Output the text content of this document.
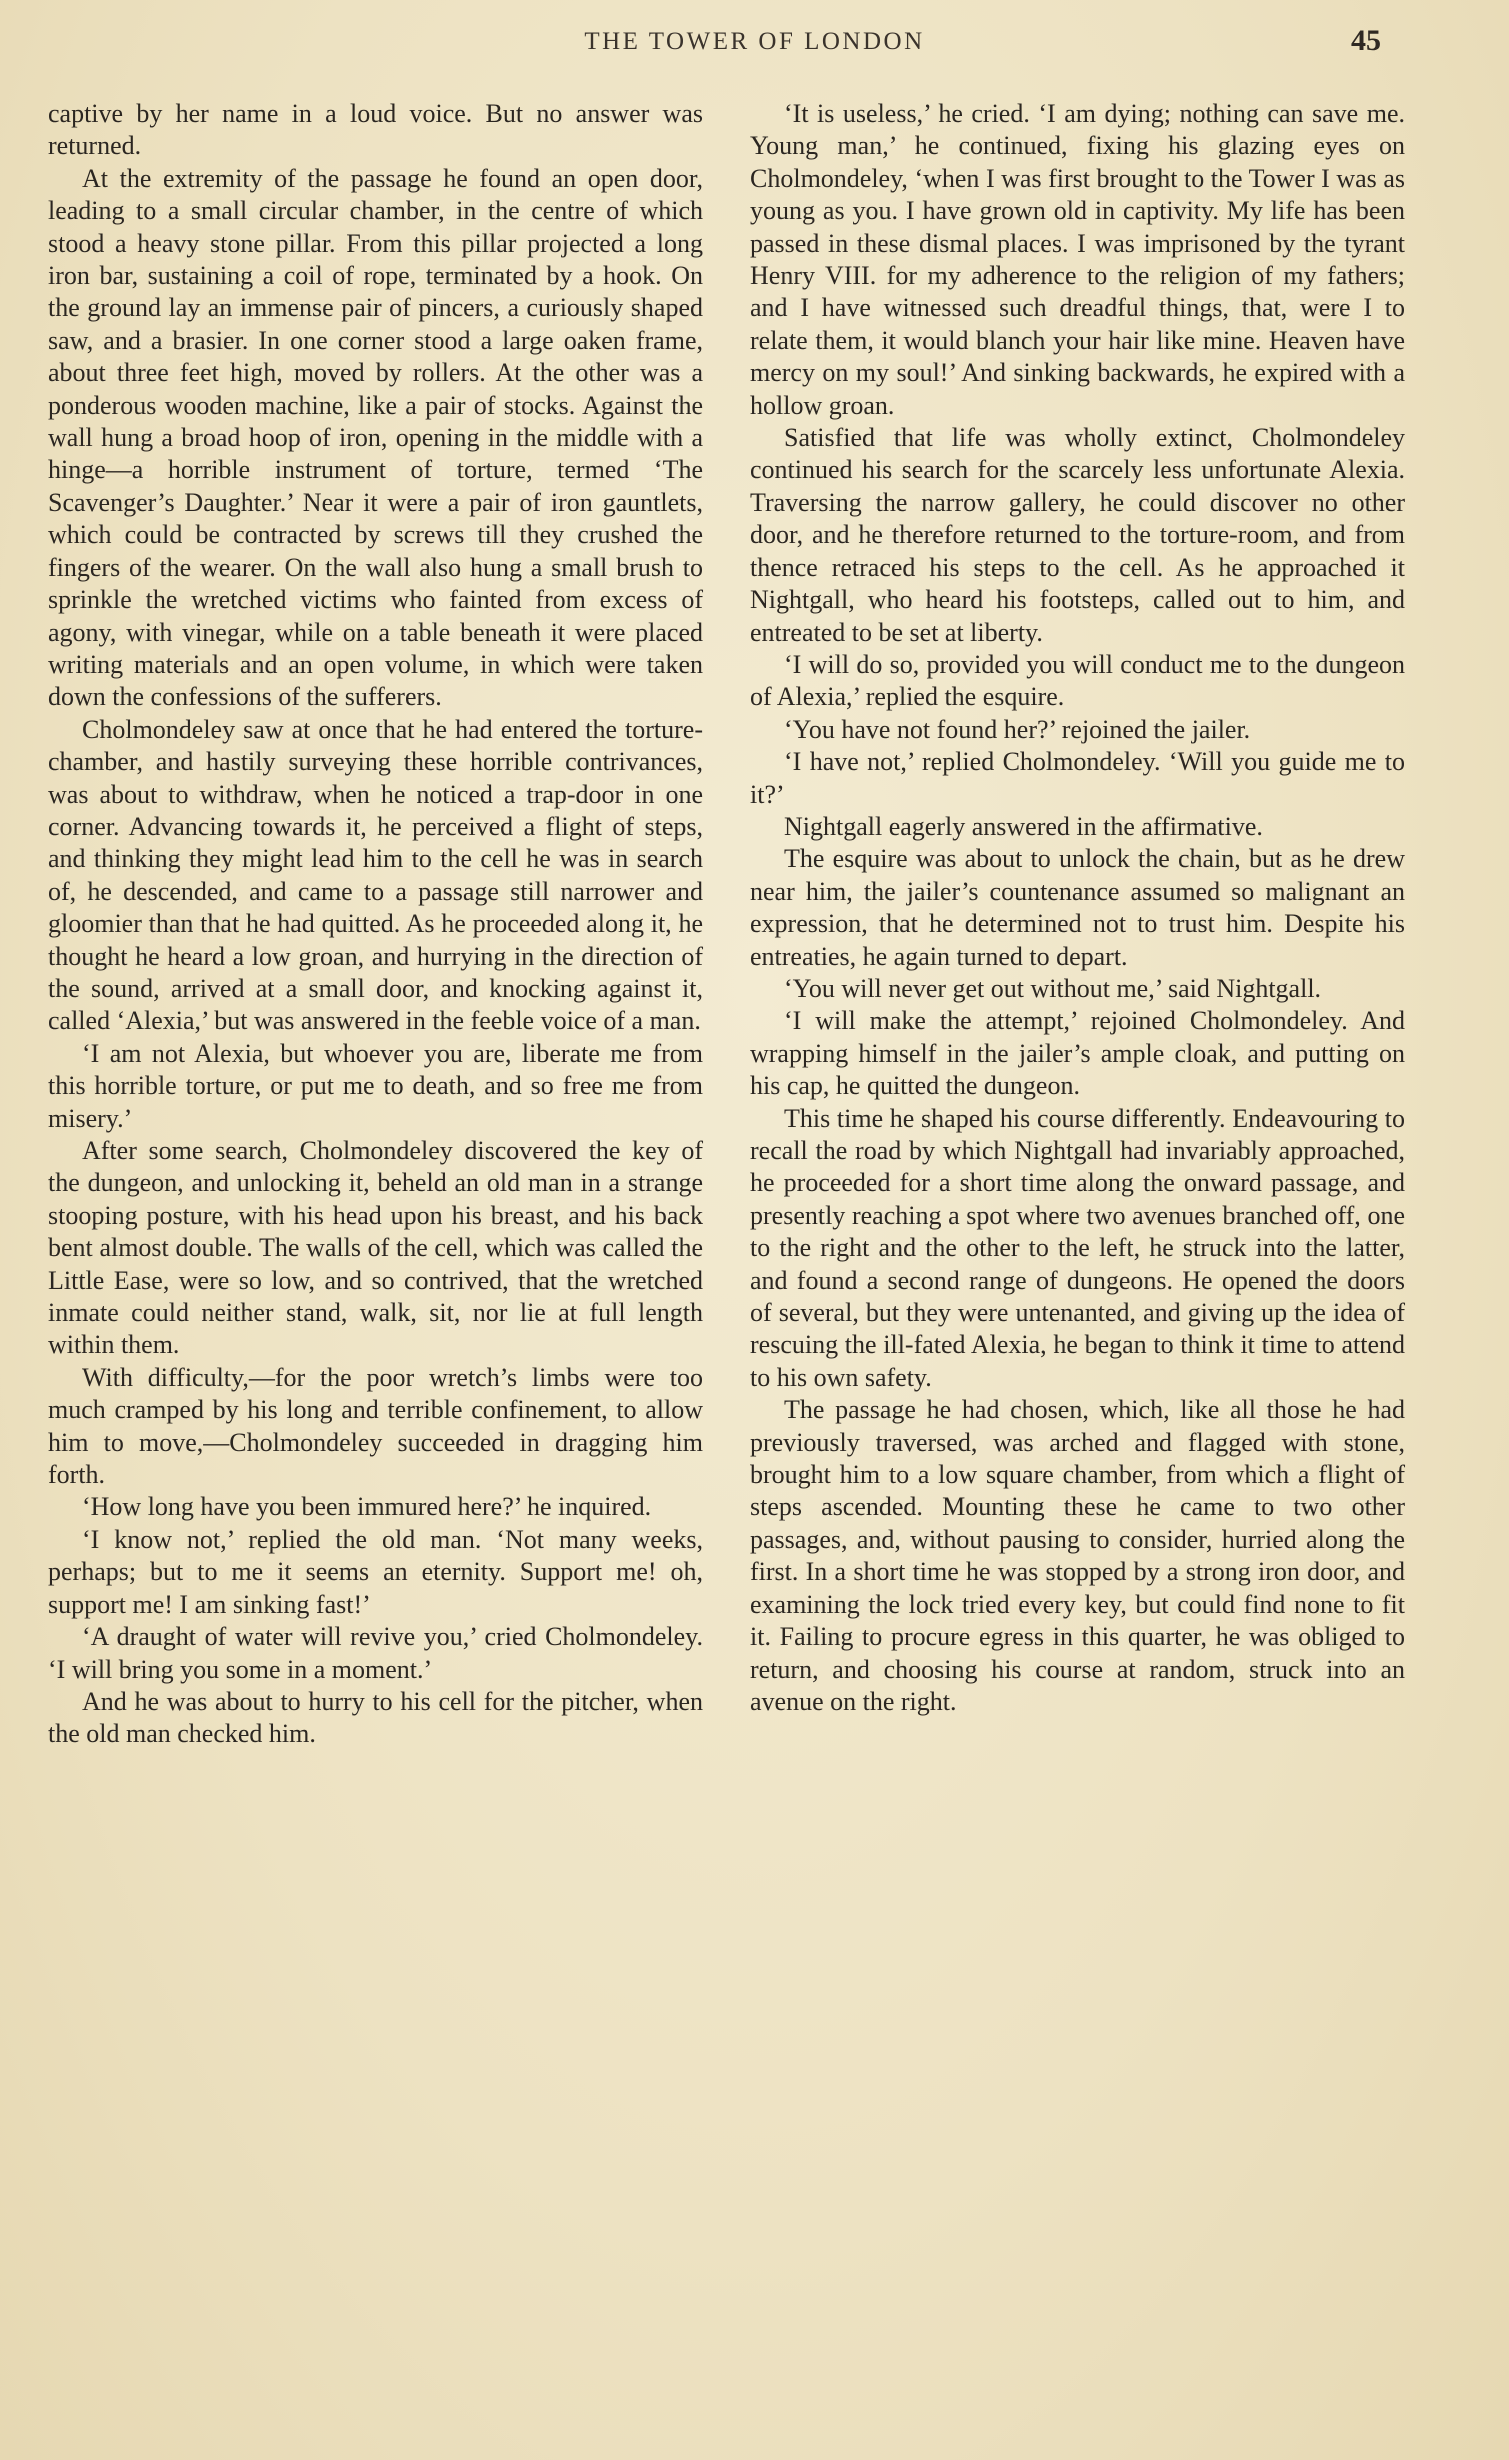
THE TOWER OF LONDON	45

captive by her name in a loud voice. But no answer was returned.

At the extremity of the passage he found an open door, leading to a small circular chamber, in the centre of which stood a heavy stone pillar. From this pillar projected a long iron bar, sustaining a coil of rope, terminated by a hook. On the ground lay an immense pair of pincers, a curiously shaped saw, and a brasier. In one corner stood a large oaken frame, about three feet high, moved by rollers. At the other was a ponderous wooden machine, like a pair of stocks. Against the wall hung a broad hoop of iron, opening in the middle with a hinge—a horrible instrument of torture, termed ‘The Scavenger’s Daughter.’ Near it were a pair of iron gauntlets, which could be contracted by screws till they crushed the fingers of the wearer. On the wall also hung a small brush to sprinkle the wretched victims who fainted from excess of agony, with vinegar, while on a table beneath it were placed writing materials and an open volume, in which were taken down the confessions of the sufferers.

Cholmondeley saw at once that he had entered the torture-chamber, and hastily surveying these horrible contrivances, was about to withdraw, when he noticed a trap-door in one corner. Advancing towards it, he perceived a flight of steps, and thinking they might lead him to the cell he was in search of, he descended, and came to a passage still narrower and gloomier than that he had quitted. As he proceeded along it, he thought he heard a low groan, and hurrying in the direction of the sound, arrived at a small door, and knocking against it, called ‘Alexia,’ but was answered in the feeble voice of a man.

‘I am not Alexia, but whoever you are, liberate me from this horrible torture, or put me to death, and so free me from misery.’

After some search, Cholmondeley discovered the key of the dungeon, and unlocking it, beheld an old man in a strange stooping posture, with his head upon his breast, and his back bent almost double. The walls of the cell, which was called the Little Ease, were so low, and so contrived, that the wretched inmate could neither stand, walk, sit, nor lie at full length within them.

With difficulty,—for the poor wretch’s limbs were too much cramped by his long and terrible confinement, to allow him to move,—Cholmondeley succeeded in dragging him forth.

‘How long have you been immured here?’ he inquired.

‘I know not,’ replied the old man. ‘Not many weeks, perhaps; but to me it seems an eternity. Support me! oh, support me! I am sinking fast!’

‘A draught of water will revive you,’ cried Cholmondeley. ‘I will bring you some in a moment.’

And he was about to hurry to his cell for the pitcher, when the old man checked him.

‘It is useless,’ he cried. ‘I am dying; nothing can save me. Young man,’ he continued, fixing his glazing eyes on Cholmondeley, ‘when I was first brought to the Tower I was as young as you. I have grown old in captivity. My life has been passed in these dismal places. I was imprisoned by the tyrant Henry VIII. for my adherence to the religion of my fathers; and I have witnessed such dreadful things, that, were I to relate them, it would blanch your hair like mine. Heaven have mercy on my soul!’ And sinking backwards, he expired with a hollow groan.

Satisfied that life was wholly extinct, Cholmondeley continued his search for the scarcely less unfortunate Alexia. Traversing the narrow gallery, he could discover no other door, and he therefore returned to the torture-room, and from thence retraced his steps to the cell. As he approached it Nightgall, who heard his footsteps, called out to him, and entreated to be set at liberty.

‘I will do so, provided you will conduct me to the dungeon of Alexia,’ replied the esquire.

‘You have not found her?’ rejoined the jailer.

‘I have not,’ replied Cholmondeley. ‘Will you guide me to it?’

Nightgall eagerly answered in the affirmative.

The esquire was about to unlock the chain, but as he drew near him, the jailer’s countenance assumed so malignant an expression, that he determined not to trust him. Despite his entreaties, he again turned to depart.

‘You will never get out without me,’ said Nightgall.

‘I will make the attempt,’ rejoined Cholmondeley. And wrapping himself in the jailer’s ample cloak, and putting on his cap, he quitted the dungeon.

This time he shaped his course differently. Endeavouring to recall the road by which Nightgall had invariably approached, he proceeded for a short time along the onward passage, and presently reaching a spot where two avenues branched off, one to the right and the other to the left, he struck into the latter, and found a second range of dungeons. He opened the doors of several, but they were untenanted, and giving up the idea of rescuing the ill-fated Alexia, he began to think it time to attend to his own safety.

The passage he had chosen, which, like all those he had previously traversed, was arched and flagged with stone, brought him to a low square chamber, from which a flight of steps ascended. Mounting these he came to two other passages, and, without pausing to consider, hurried along the first. In a short time he was stopped by a strong iron door, and examining the lock tried every key, but could find none to fit it. Failing to procure egress in this quarter, he was obliged to return, and choosing his course at random, struck into an avenue on the right.
